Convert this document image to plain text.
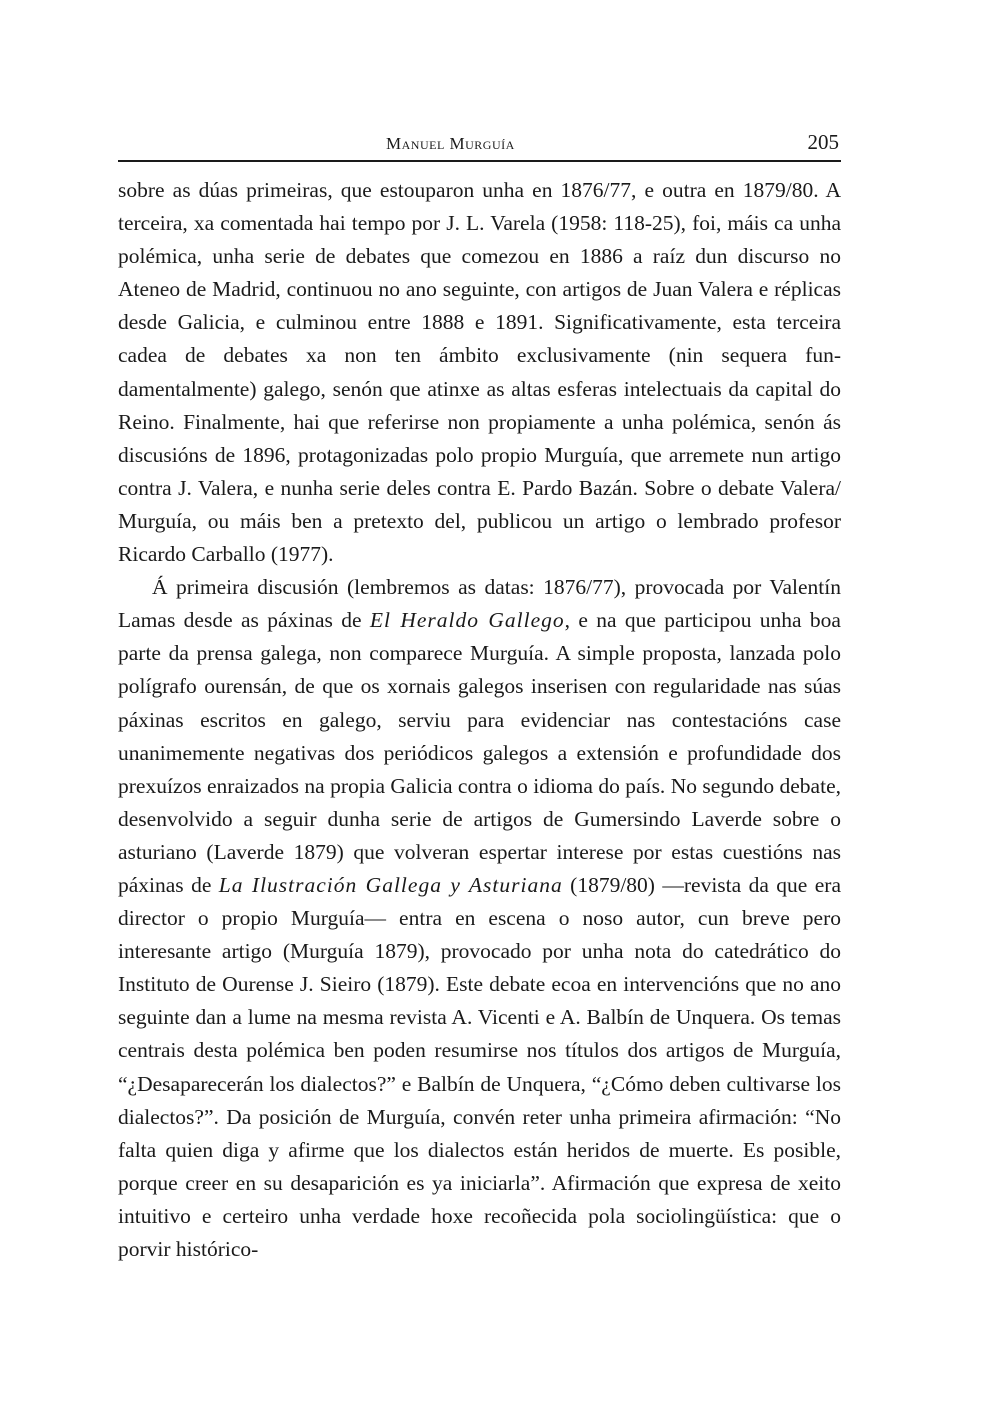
Manuel Murguía	205

sobre as dúas primeiras, que estouparon unha en 1876/77, e outra en 1879/80. A terceira, xa comentada hai tempo por J. L. Varela (1958: 118-25), foi, máis ca unha polémica, unha serie de debates que comezou en 1886 a raíz dun discurso no Ateneo de Madrid, continuou no ano seguinte, con artigos de Juan Valera e réplicas desde Galicia, e culminou entre 1888 e 1891. Significativamente, esta terceira cadea de debates xa non ten ámbito exclusivamente (nin sequera fundamentalmente) galego, senón que atinxe as altas esferas intelectuais da capital do Reino. Finalmente, hai que referirse non propiamente a unha polémica, senón ás discusións de 1896, protagonizadas polo propio Murguía, que arremete nun artigo contra J. Valera, e nunha serie deles contra E. Pardo Bazán. Sobre o debate Valera/ Murguía, ou máis ben a pretexto del, publicou un artigo o lembrado profesor Ricardo Carballo (1977).

Á primeira discusión (lembremos as datas: 1876/77), provocada por Valentín Lamas desde as páxinas de El Heraldo Gallego, e na que participou unha boa parte da prensa galega, non comparece Murguía. A simple proposta, lanzada polo polígrafo ourensán, de que os xornais galegos inserisen con regularidade nas súas páxinas escritos en galego, serviu para evidenciar nas contestacións case unanimemente negativas dos periódicos galegos a extensión e profundidade dos prexuízos enraizados na propia Galicia contra o idioma do país. No segundo debate, desenvolvido a seguir dunha serie de artigos de Gumersindo Laverde sobre o asturiano (Laverde 1879) que volveran espertar interese por estas cuestións nas páxinas de La Ilustración Gallega y Asturiana (1879/80) —revista da que era director o propio Murguía— entra en escena o noso autor, cun breve pero interesante artigo (Murguía 1879), provocado por unha nota do catedrático do Instituto de Ourense J. Sieiro (1879). Este debate ecoa en intervencións que no ano seguinte dan a lume na mesma revista A. Vicenti e A. Balbín de Unquera. Os temas centrais desta polémica ben poden resumirse nos títulos dos artigos de Murguía, “¿Desaparecerán los dialectos?” e Balbín de Unquera, “¿Cómo deben cultivarse los dialectos?”. Da posición de Murguía, convén reter unha primeira afirmación: “No falta quien diga y afirme que los dialectos están heridos de muerte. Es posible, porque creer en su desaparición es ya iniciarla”. Afirmación que expresa de xeito intuitivo e certeiro unha verdade hoxe recoñecida pola sociolingüística: que o porvir histórico-
